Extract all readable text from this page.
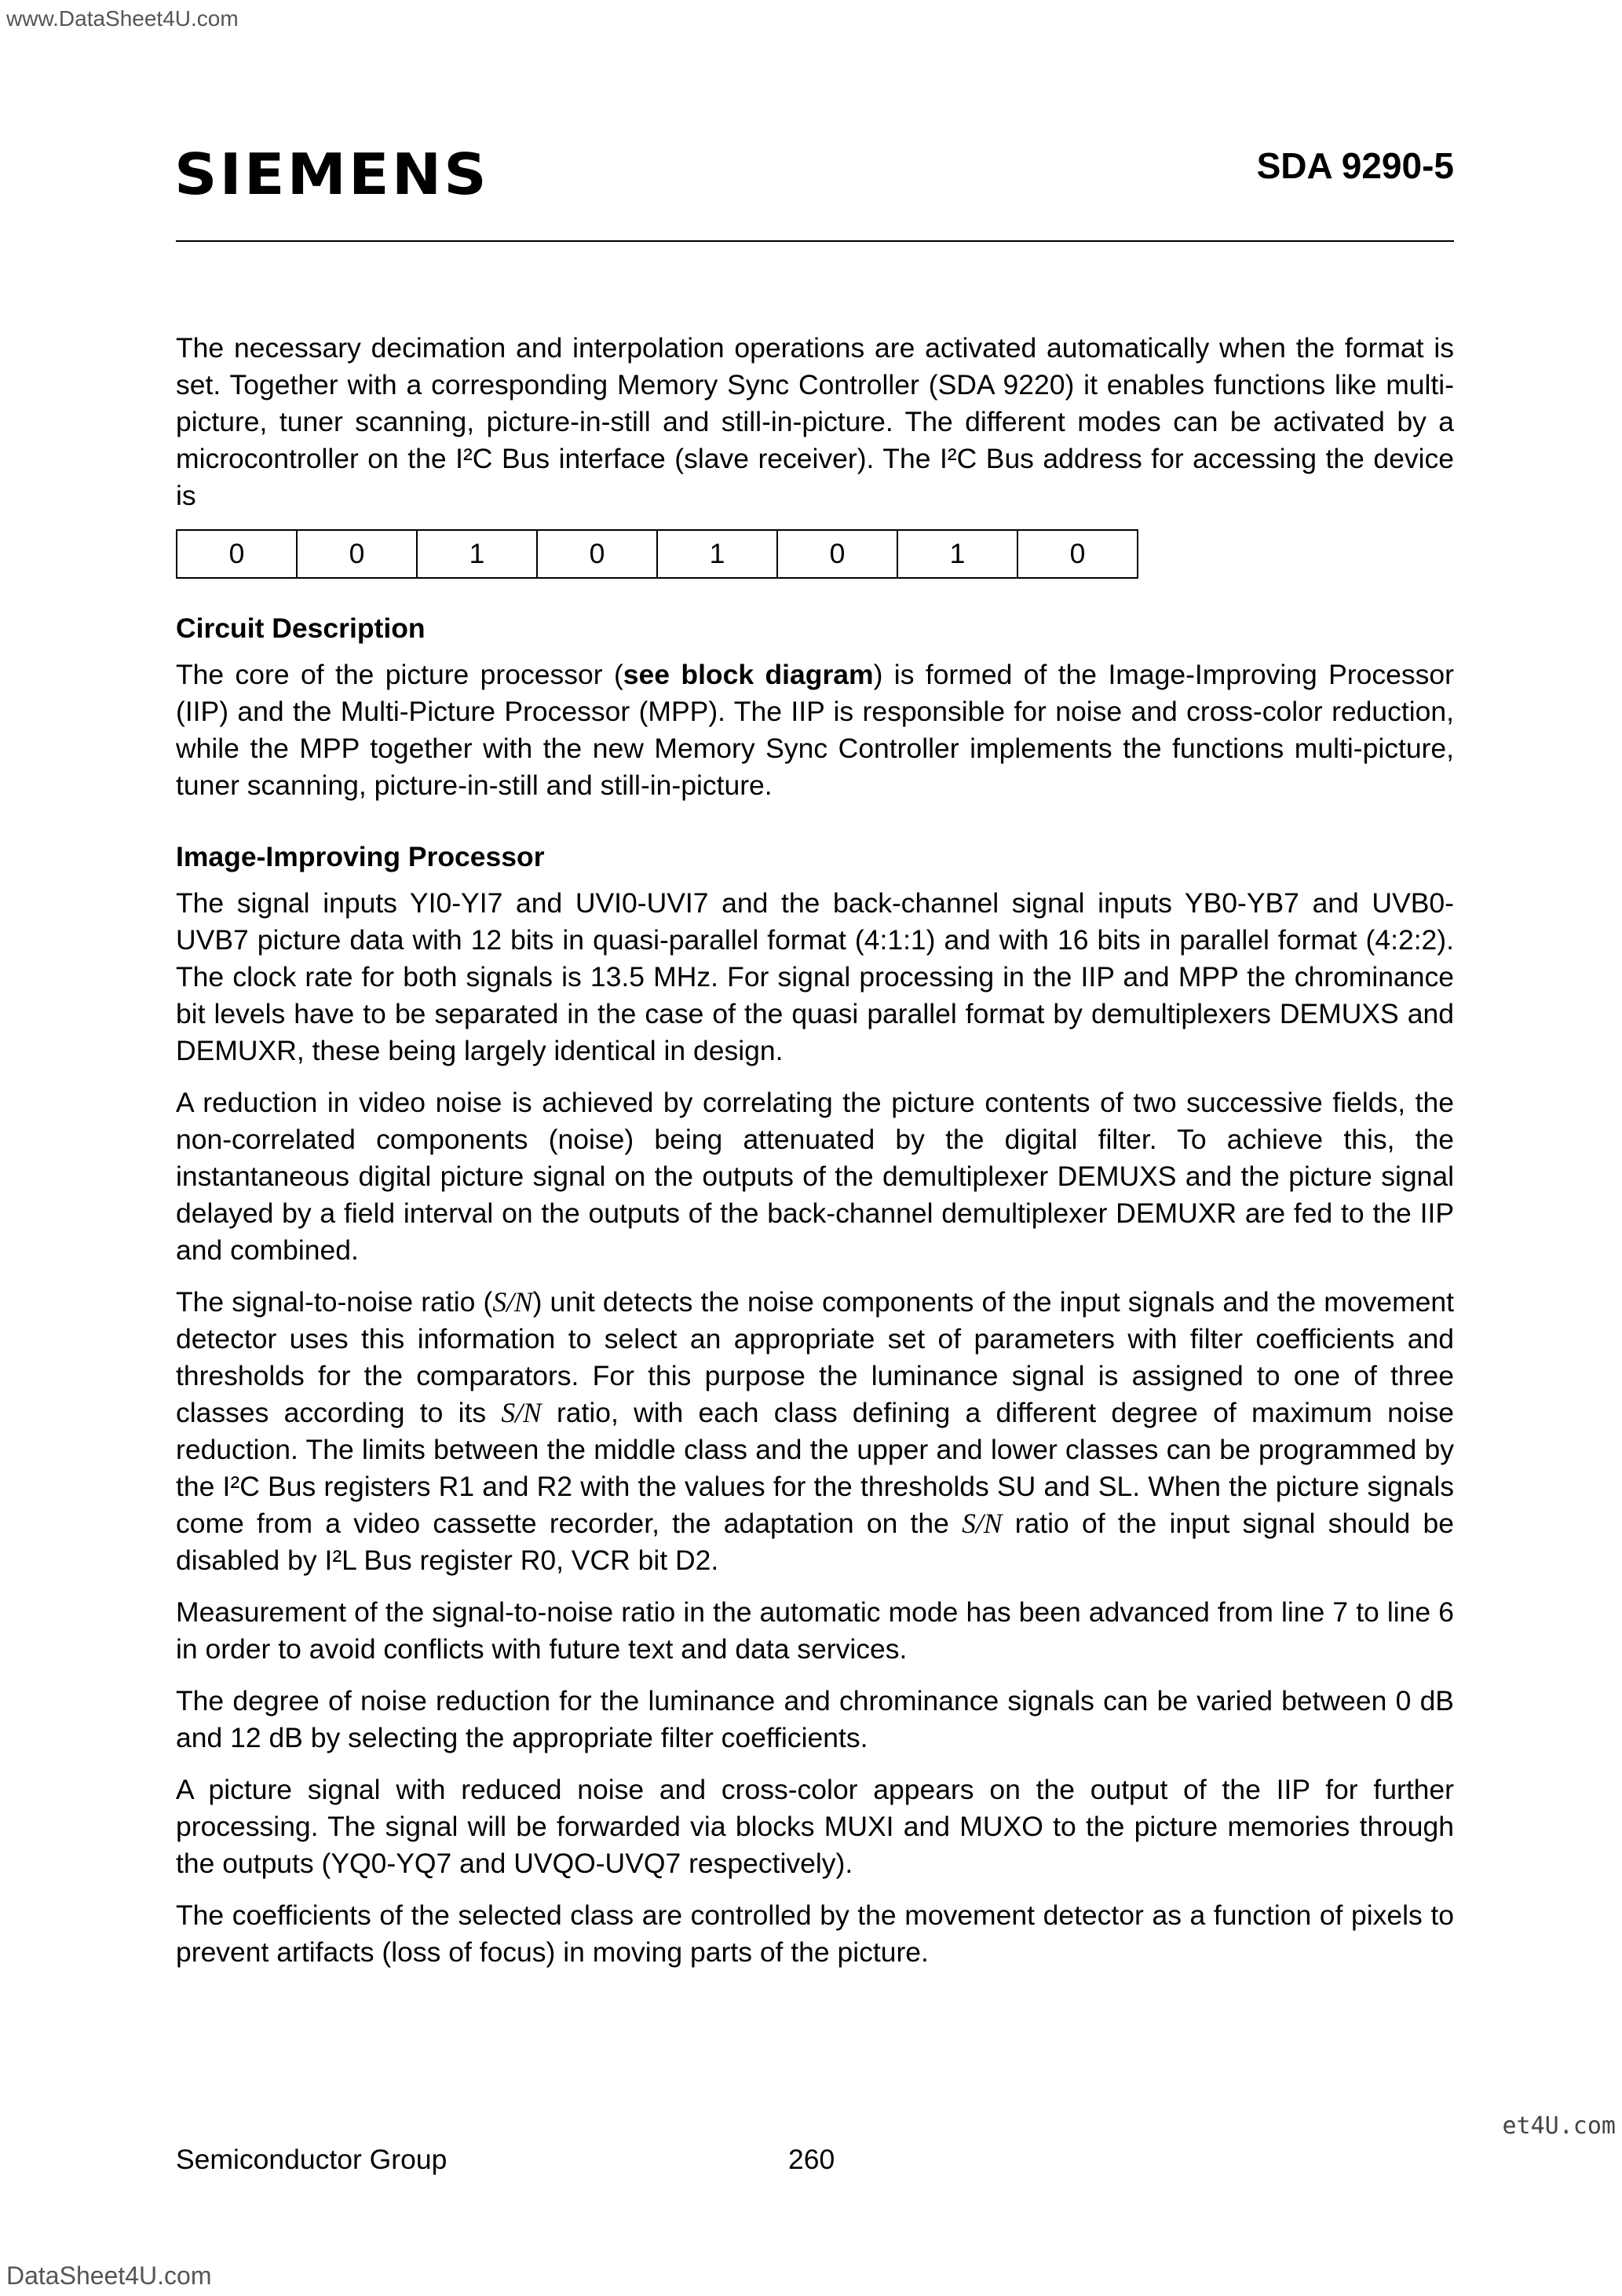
www.DataSheet4U.com
SIEMENS	SDA 9290-5

The necessary decimation and interpolation operations are activated automatically when the format is set. Together with a corresponding Memory Sync Controller (SDA 9220) it enables functions like multi-picture, tuner scanning, picture-in-still and still-in-picture. The different modes can be activated by a microcontroller on the I²C Bus interface (slave receiver). The I²C Bus address for accessing the device is

0	0	1	0	1	0	1	0
Circuit Description

The core of the picture processor (see block diagram) is formed of the Image-Improving Processor (IIP) and the Multi-Picture Processor (MPP). The IIP is responsible for noise and cross-color reduction, while the MPP together with the new Memory Sync Controller implements the functions multi-picture, tuner scanning, picture-in-still and still-in-picture.

Image-Improving Processor

The signal inputs YI0-YI7 and UVI0-UVI7 and the back-channel signal inputs YB0-YB7 and UVB0-UVB7 picture data with 12 bits in quasi-parallel format (4:1:1) and with 16 bits in parallel format (4:2:2). The clock rate for both signals is 13.5 MHz. For signal processing in the IIP and MPP the chrominance bit levels have to be separated in the case of the quasi parallel format by demultiplexers DEMUXS and DEMUXR, these being largely identical in design.

A reduction in video noise is achieved by correlating the picture contents of two successive fields, the non-correlated components (noise) being attenuated by the digital filter. To achieve this, the instantaneous digital picture signal on the outputs of the demultiplexer DEMUXS and the picture signal delayed by a field interval on the outputs of the back-channel demultiplexer DEMUXR are fed to the IIP and combined.

The signal-to-noise ratio (S/N) unit detects the noise components of the input signals and the movement detector uses this information to select an appropriate set of parameters with filter coefficients and thresholds for the comparators. For this purpose the luminance signal is assigned to one of three classes according to its S/N ratio, with each class defining a different degree of maximum noise reduction. The limits between the middle class and the upper and lower classes can be programmed by the I²C Bus registers R1 and R2 with the values for the thresholds SU and SL. When the picture signals come from a video cassette recorder, the adaptation on the S/N ratio of the input signal should be disabled by I²L Bus register R0, VCR bit D2.

Measurement of the signal-to-noise ratio in the automatic mode has been advanced from line 7 to line 6 in order to avoid conflicts with future text and data services.

The degree of noise reduction for the luminance and chrominance signals can be varied between 0 dB and 12 dB by selecting the appropriate filter coefficients.

A picture signal with reduced noise and cross-color appears on the output of the IIP for further processing. The signal will be forwarded via blocks MUXI and MUXO to the picture memories through the outputs (YQ0-YQ7 and UVQO-UVQ7 respectively).

The coefficients of the selected class are controlled by the movement detector as a function of pixels to prevent artifacts (loss of focus) in moving parts of the picture.

et4U.com
Semiconductor Group	260
DataSheet4U.com
